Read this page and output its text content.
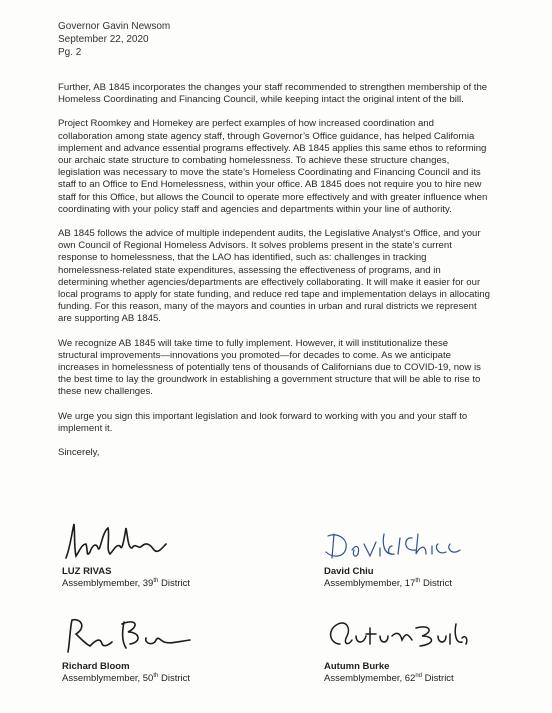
Governor Gavin Newsom
September 22, 2020
Pg. 2

Further, AB 1845 incorporates the changes your staff recommended to strengthen membership of the Homeless Coordinating and Financing Council, while keeping intact the original intent of the bill.

Project Roomkey and Homekey are perfect examples of how increased coordination and collaboration among state agency staff, through Governor’s Office guidance, has helped California implement and advance essential programs effectively. AB 1845 applies this same ethos to reforming our archaic state structure to combating homelessness. To achieve these structure changes, legislation was necessary to move the state’s Homeless Coordinating and Financing Council and its staff to an Office to End Homelessness, within your office. AB 1845 does not require you to hire new staff for this Office, but allows the Council to operate more effectively and with greater influence when coordinating with your policy staff and agencies and departments within your line of authority.

AB 1845 follows the advice of multiple independent audits, the Legislative Analyst’s Office, and your own Council of Regional Homeless Advisors. It solves problems present in the state’s current response to homelessness, that the LAO has identified, such as: challenges in tracking homelessness-related state expenditures, assessing the effectiveness of programs, and in determining whether agencies/departments are effectively collaborating. It will make it easier for our local programs to apply for state funding, and reduce red tape and implementation delays in allocating funding. For this reason, many of the mayors and counties in urban and rural districts we represent are supporting AB 1845.

We recognize AB 1845 will take time to fully implement. However, it will institutionalize these structural improvements—innovations you promoted—for decades to come. As we anticipate increases in homelessness of potentially tens of thousands of Californians due to COVID-19, now is the best time to lay the groundwork in establishing a government structure that will be able to rise to these new challenges.

We urge you sign this important legislation and look forward to working with you and your staff to implement it.

Sincerely,
LUZ RIVAS
Assemblymember, 39th District
David Chiu
Assemblymember, 17th District
Richard Bloom
Assemblymember, 50th District
Autumn Burke
Assemblymember, 62nd District
